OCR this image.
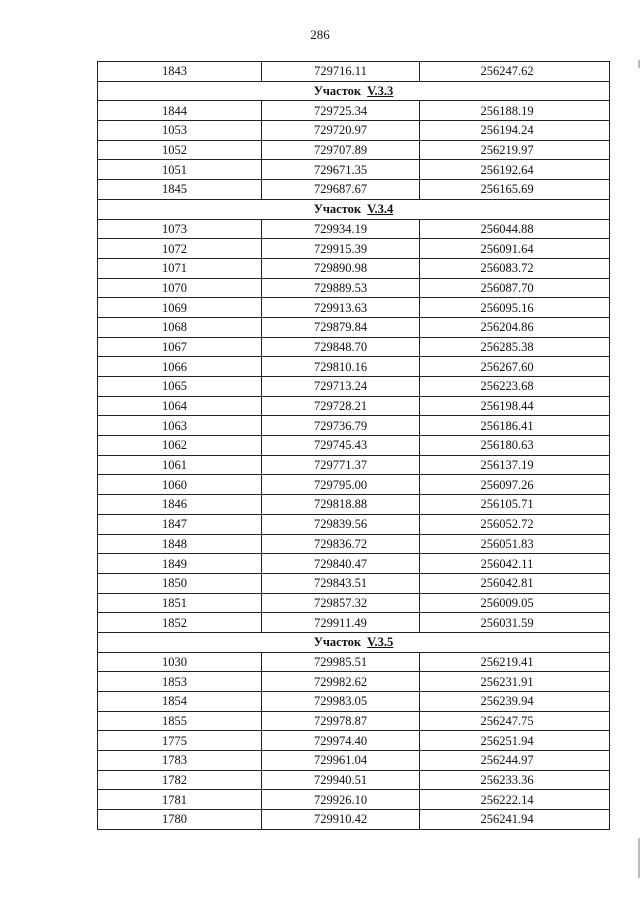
286
1843	729716.11	256247.62
Участок V.3.3		
1844	729725.34	256188.19
1053	729720.97	256194.24
1052	729707.89	256219.97
1051	729671.35	256192.64
1845	729687.67	256165.69
Участок V.3.4		
1073	729934.19	256044.88
1072	729915.39	256091.64
1071	729890.98	256083.72
1070	729889.53	256087.70
1069	729913.63	256095.16
1068	729879.84	256204.86
1067	729848.70	256285.38
1066	729810.16	256267.60
1065	729713.24	256223.68
1064	729728.21	256198.44
1063	729736.79	256186.41
1062	729745.43	256180.63
1061	729771.37	256137.19
1060	729795.00	256097.26
1846	729818.88	256105.71
1847	729839.56	256052.72
1848	729836.72	256051.83
1849	729840.47	256042.11
1850	729843.51	256042.81
1851	729857.32	256009.05
1852	729911.49	256031.59
Участок V.3.5		
1030	729985.51	256219.41
1853	729982.62	256231.91
1854	729983.05	256239.94
1855	729978.87	256247.75
1775	729974.40	256251.94
1783	729961.04	256244.97
1782	729940.51	256233.36
1781	729926.10	256222.14
1780	729910.42	256241.94
